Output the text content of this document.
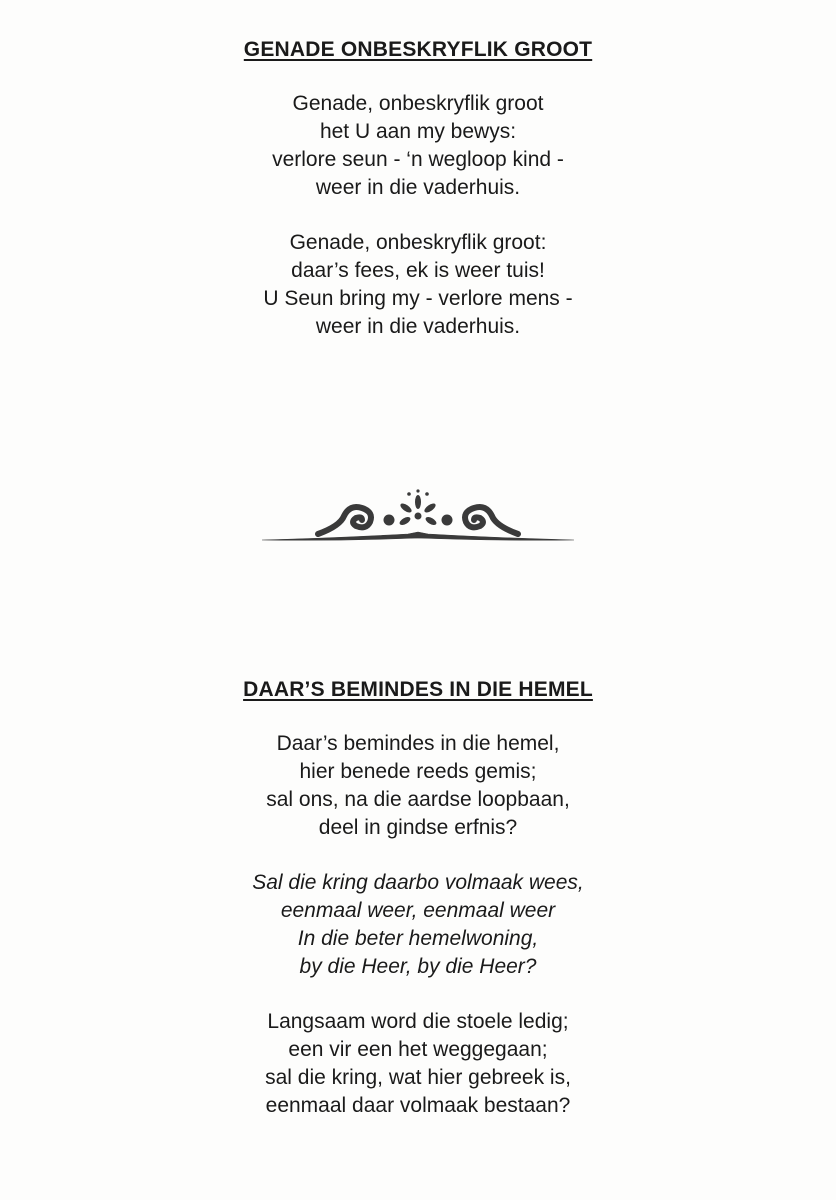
GENADE ONBESKRYFLIK GROOT
Genade, onbeskryflik groot
het U aan my bewys:
verlore seun - ‘n wegloop kind -
weer in die vaderhuis.
Genade, onbeskryflik groot:
daar’s fees, ek is weer tuis!
U Seun bring my - verlore mens -
weer in die vaderhuis.
DAAR’S BEMINDES IN DIE HEMEL
Daar’s bemindes in die hemel,
hier benede reeds gemis;
sal ons, na die aardse loopbaan,
deel in gindse erfnis?
Sal die kring daarbo volmaak wees,
eenmaal weer, eenmaal weer
In die beter hemelwoning,
by die Heer, by die Heer?
Langsaam word die stoele ledig;
een vir een het weggegaan;
sal die kring, wat hier gebreek is,
eenmaal daar volmaak bestaan?
